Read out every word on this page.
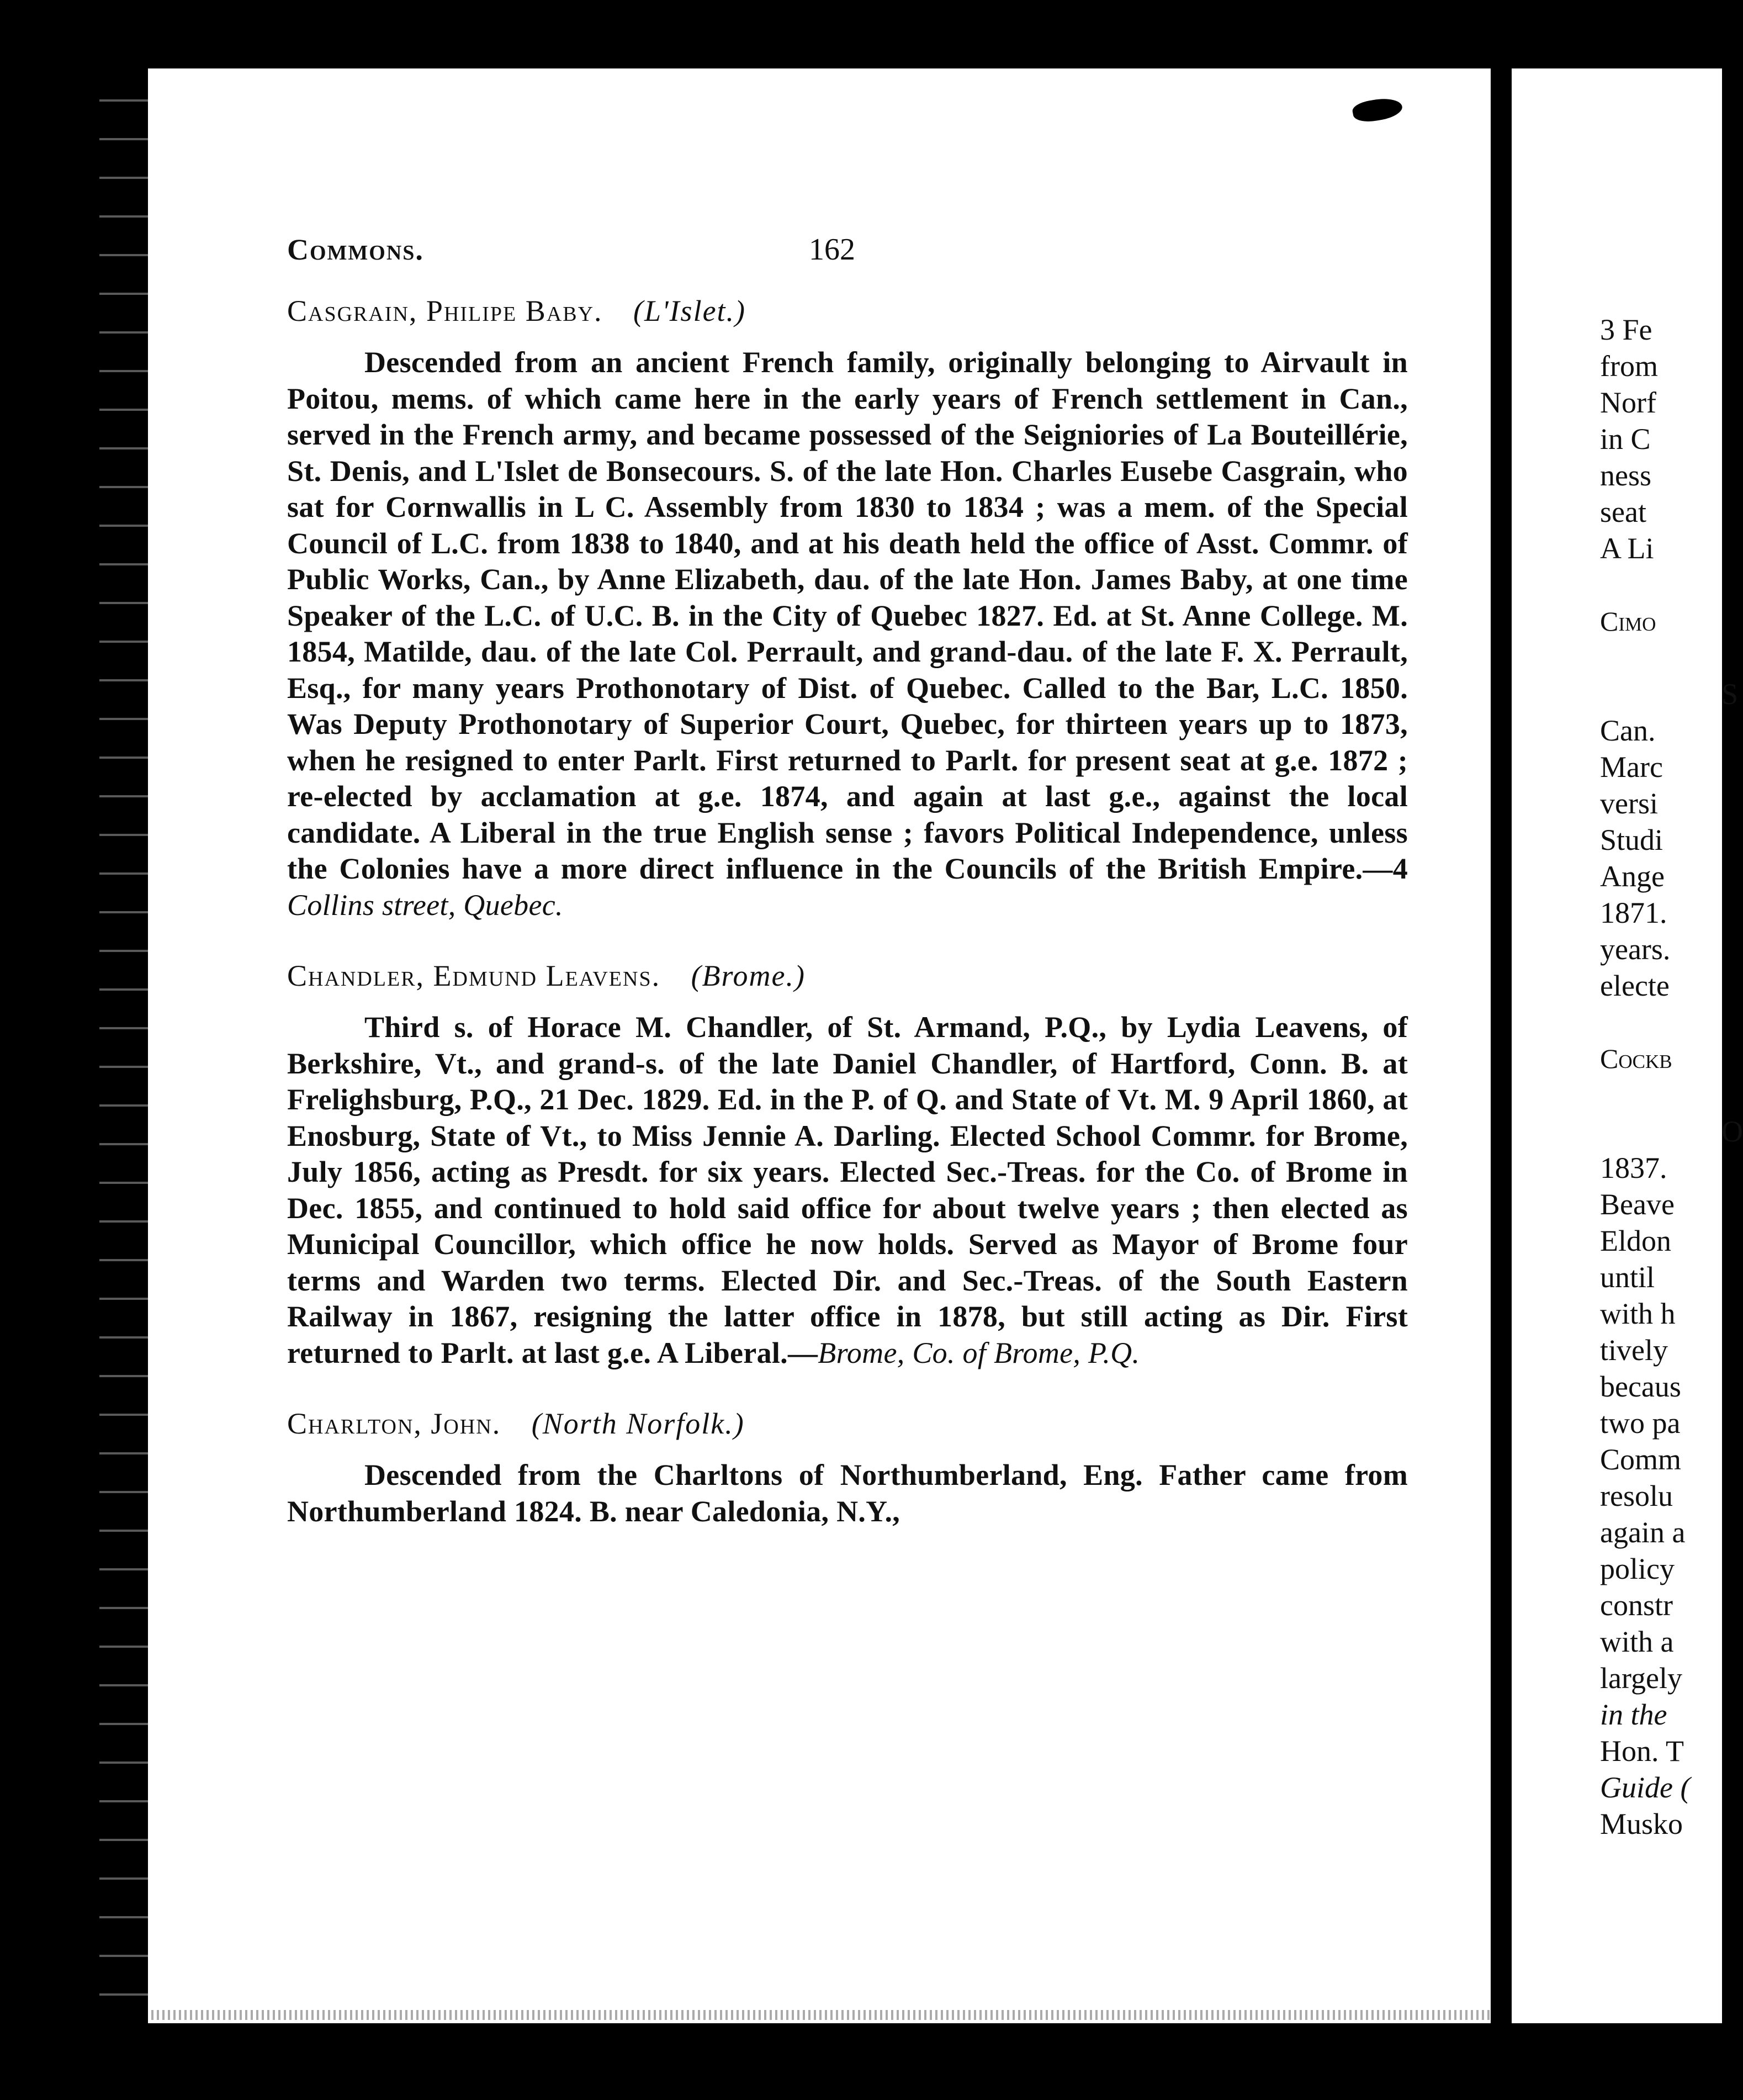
3 Fe
from
Norf
in C
ness
seat
A Li
Cimo
S
Can.
Marc
versi
Studi
Ange
1871.
years.
electe
Cockb
O
1837.
Beave
Eldon
until
with h
tively
becaus
two pa
Comm
resolu
again a
policy
constr
with a
largely
in the
Hon. T
Guide (
Musko
Commons.	162
Casgrain, Philipe Baby. (L'Islet.)

Descended from an ancient French family, originally belonging to Airvault in Poitou, mems. of which came here in the early years of French settlement in Can., served in the French army, and became possessed of the Seigniories of La Bouteillérie, St. Denis, and L'Islet de Bonsecours. S. of the late Hon. Charles Eusebe Casgrain, who sat for Cornwallis in L C. Assembly from 1830 to 1834 ; was a mem. of the Special Council of L.C. from 1838 to 1840, and at his death held the office of Asst. Commr. of Public Works, Can., by Anne Elizabeth, dau. of the late Hon. James Baby, at one time Speaker of the L.C. of U.C. B. in the City of Quebec 1827. Ed. at St. Anne College. M. 1854, Matilde, dau. of the late Col. Perrault, and grand-dau. of the late F. X. Perrault, Esq., for many years Prothonotary of Dist. of Quebec. Called to the Bar, L.C. 1850. Was Deputy Prothonotary of Superior Court, Quebec, for thirteen years up to 1873, when he resigned to enter Parlt. First returned to Parlt. for present seat at g.e. 1872 ; re-elected by acclamation at g.e. 1874, and again at last g.e., against the local candidate. A Liberal in the true English sense ; favors Political Independence, unless the Colonies have a more direct influence in the Councils of the British Empire.—4 Collins street, Quebec.

Chandler, Edmund Leavens. (Brome.)

Third s. of Horace M. Chandler, of St. Armand, P.Q., by Lydia Leavens, of Berkshire, Vt., and grand-s. of the late Daniel Chandler, of Hartford, Conn. B. at Frelighsburg, P.Q., 21 Dec. 1829. Ed. in the P. of Q. and State of Vt. M. 9 April 1860, at Enosburg, State of Vt., to Miss Jennie A. Darling. Elected School Commr. for Brome, July 1856, acting as Presdt. for six years. Elected Sec.-Treas. for the Co. of Brome in Dec. 1855, and continued to hold said office for about twelve years ; then elected as Municipal Councillor, which office he now holds. Served as Mayor of Brome four terms and Warden two terms. Elected Dir. and Sec.-Treas. of the South Eastern Railway in 1867, resigning the latter office in 1878, but still acting as Dir. First returned to Parlt. at last g.e. A Liberal.—Brome, Co. of Brome, P.Q.

Charlton, John. (North Norfolk.)

Descended from the Charltons of Northumberland, Eng. Father came from Northumberland 1824. B. near Caledonia, N.Y.,
